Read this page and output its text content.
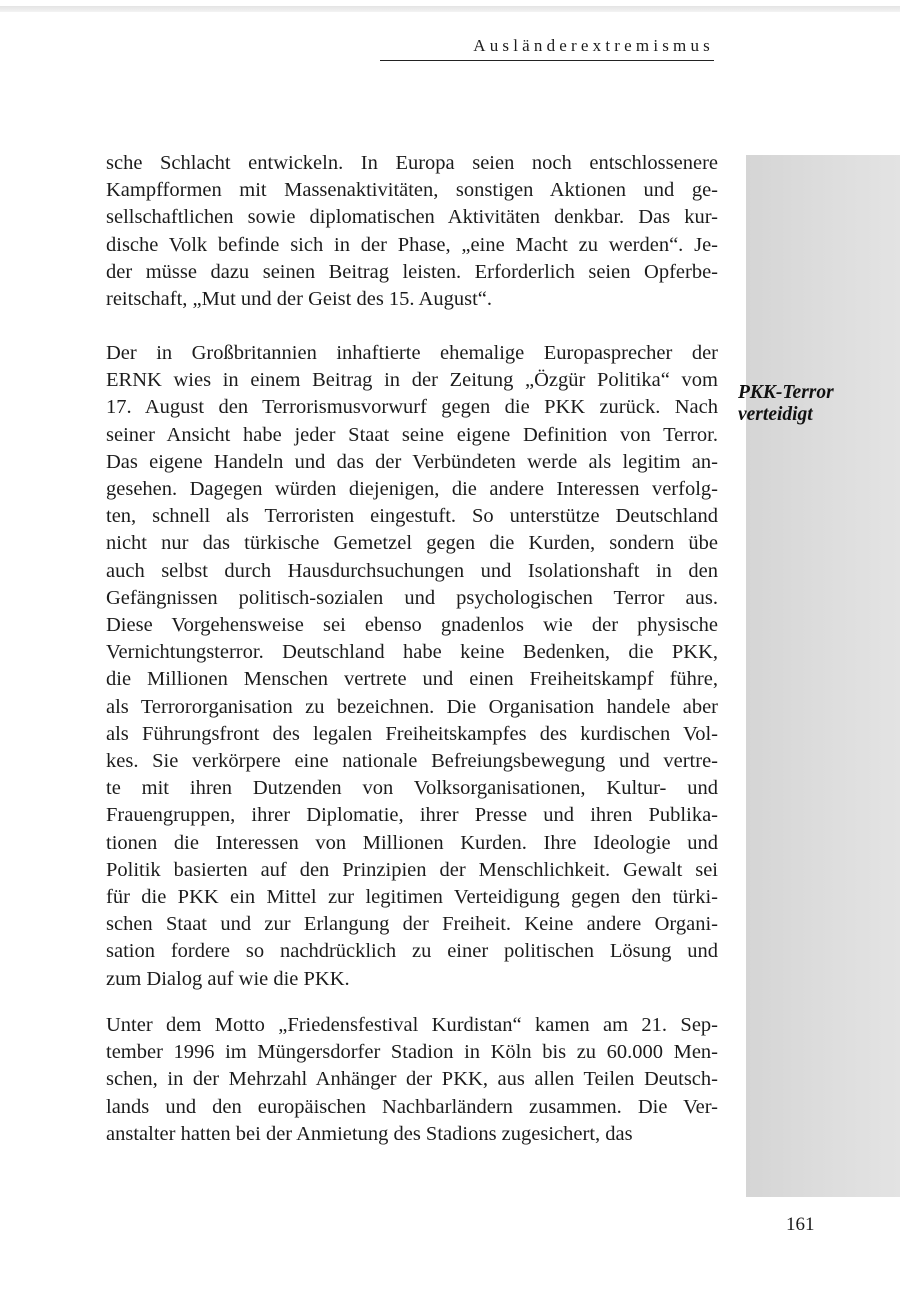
Ausländerextremismus
PKK-Terror
verteidigt
sche Schlacht entwickeln. In Europa seien noch entschlossenere
Kampfformen mit Massenaktivitäten, sonstigen Aktionen und ge-
sellschaftlichen sowie diplomatischen Aktivitäten denkbar. Das kur-
dische Volk befinde sich in der Phase, „eine Macht zu werden“. Je-
der müsse dazu seinen Beitrag leisten. Erforderlich seien Opferbe-
reitschaft, „Mut und der Geist des 15. August“.
Der in Großbritannien inhaftierte ehemalige Europasprecher der
ERNK wies in einem Beitrag in der Zeitung „Özgür Politika“ vom
17. August den Terrorismusvorwurf gegen die PKK zurück. Nach
seiner Ansicht habe jeder Staat seine eigene Definition von Terror.
Das eigene Handeln und das der Verbündeten werde als legitim an-
gesehen. Dagegen würden diejenigen, die andere Interessen verfolg-
ten, schnell als Terroristen eingestuft. So unterstütze Deutschland
nicht nur das türkische Gemetzel gegen die Kurden, sondern übe
auch selbst durch Hausdurchsuchungen und Isolationshaft in den
Gefängnissen politisch-sozialen und psychologischen Terror aus.
Diese Vorgehensweise sei ebenso gnadenlos wie der physische
Vernichtungsterror. Deutschland habe keine Bedenken, die PKK,
die Millionen Menschen vertrete und einen Freiheitskampf führe,
als Terrororganisation zu bezeichnen. Die Organisation handele aber
als Führungsfront des legalen Freiheitskampfes des kurdischen Vol-
kes. Sie verkörpere eine nationale Befreiungsbewegung und vertre-
te mit ihren Dutzenden von Volksorganisationen, Kultur- und
Frauengruppen, ihrer Diplomatie, ihrer Presse und ihren Publika-
tionen die Interessen von Millionen Kurden. Ihre Ideologie und
Politik basierten auf den Prinzipien der Menschlichkeit. Gewalt sei
für die PKK ein Mittel zur legitimen Verteidigung gegen den türki-
schen Staat und zur Erlangung der Freiheit. Keine andere Organi-
sation fordere so nachdrücklich zu einer politischen Lösung und
zum Dialog auf wie die PKK.
Unter dem Motto „Friedensfestival Kurdistan“ kamen am 21. Sep-
tember 1996 im Müngersdorfer Stadion in Köln bis zu 60.000 Men-
schen, in der Mehrzahl Anhänger der PKK, aus allen Teilen Deutsch-
lands und den europäischen Nachbarländern zusammen. Die Ver-
anstalter hatten bei der Anmietung des Stadions zugesichert, das
161
